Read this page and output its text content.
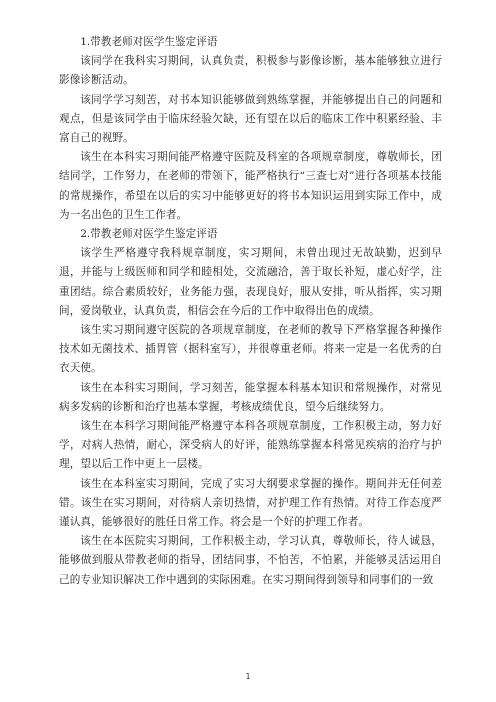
1.带教老师对医学生鉴定评语

该同学在我科实习期间，认真负责，积极参与影像诊断，基本能够独立进行影像诊断活动。

该同学学习刻苦，对书本知识能够做到熟练掌握，并能够提出自己的问题和观点，但是该同学由于临床经验欠缺，还有望在以后的临床工作中积累经验、丰富自己的视野。

该生在本科实习期间能严格遵守医院及科室的各项规章制度，尊敬师长，团结同学，工作努力，在老师的带领下，能严格执行“三查七对”进行各项基本技能的常规操作，希望在以后的实习中能够更好的将书本知识运用到实际工作中，成为一名出色的卫生工作者。

2.带教老师对医学生鉴定评语

该学生严格遵守我科规章制度，实习期间，未曾出现过无故缺勤，迟到早退，并能与上级医师和同学和睦相处，交流融洽，善于取长补短，虚心好学，注重团结。综合素质较好，业务能力强，表现良好，服从安排，听从指挥，实习期间，爱岗敬业，认真负责，相信会在今后的工作中取得出色的成绩。

该生实习期间遵守医院的各项规章制度，在老师的教导下严格掌握各种操作技术如无菌技术、插胃管（据科室写），并很尊重老师。将来一定是一名优秀的白衣天使。

该生在本科实习期间，学习刻苦，能掌握本科基本知识和常规操作，对常见病多发病的诊断和治疗也基本掌握，考核成绩优良，望今后继续努力。

该生在本科学习期间能严格遵守本科各项规章制度，工作积极主动，努力好学，对病人热情，耐心，深受病人的好评，能熟练掌握本科常见疾病的治疗与护理，望以后工作中更上一层楼。

该生在本科室实习期间，完成了实习大纲要求掌握的操作。期间并无任何差错。该生在实习期间，对待病人亲切热情，对护理工作有热情。对待工作态度严谨认真，能够很好的胜任日常工作。将会是一个好的护理工作者。

该生在本医院实习期间，工作积极主动，学习认真，尊敬师长，待人诚恳，能够做到服从带教老师的指导，团结同事，不怕苦，不怕累，并能够灵活运用自己的专业知识解决工作中遇到的实际困难。在实习期间得到领导和同事们的一致

1
